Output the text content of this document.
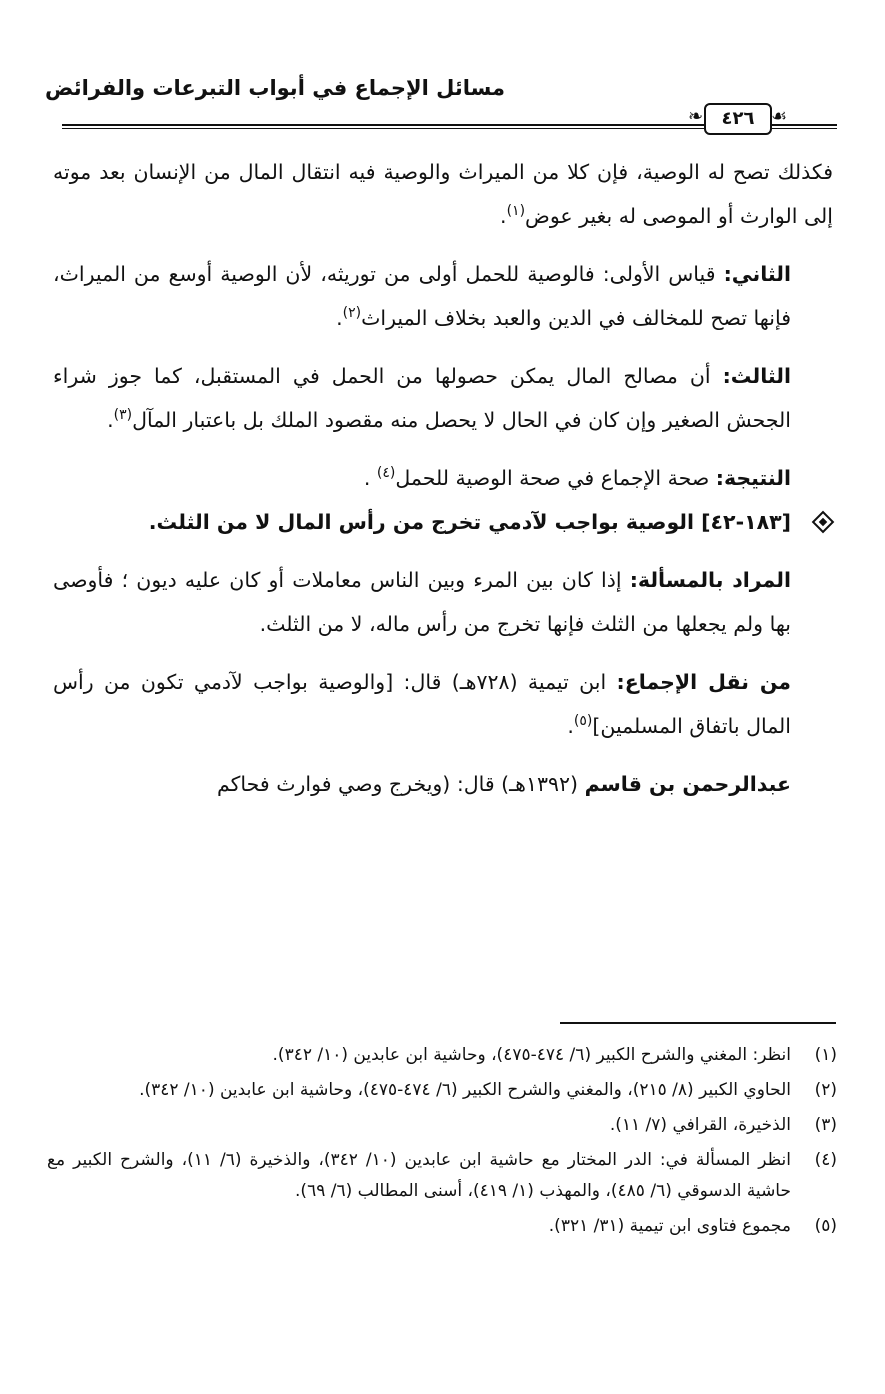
مسائل الإجماع في أبواب التبرعات والفرائض
❧	٤٢٦ ☙

فكذلك تصح له الوصية، فإن كلا من الميراث والوصية فيه انتقال المال من الإنسان بعد موته إلى الوارث أو الموصى له بغير عوض$^{(١)}$.

الثاني: قياس الأولى: فالوصية للحمل أولى من توريثه، لأن الوصية أوسع من الميراث، فإنها تصح للمخالف في الدين والعبد بخلاف الميراث$^{(٢)}$.

الثالث: أن مصالح المال يمكن حصولها من الحمل في المستقبل، كما جوز شراء الجحش الصغير وإن كان في الحال لا يحصل منه مقصود الملك بل باعتبار المآل$^{(٣)}$.

النتيجة: صحة الإجماع في صحة الوصية للحمل$^{(٤)}$ .

[١٨٣-٤٢] الوصية بواجب لآدمي تخرج من رأس المال لا من الثلث.

المراد بالمسألة: إذا كان بين المرء وبين الناس معاملات أو كان عليه ديون ؛ فأوصى بها ولم يجعلها من الثلث فإنها تخرج من رأس ماله، لا من الثلث.

من نقل الإجماع: ابن تيمية (٧٢٨هـ) قال: [والوصية بواجب لآدمي تكون من رأس المال باتفاق المسلمين]$^{(٥)}$.

عبدالرحمن بن قاسم (١٣٩٢هـ) قال: (ويخرج وصي فوارث فحاكم

(١)
انظر: المغني والشرح الكبير (٦/ ٤٧٤-٤٧٥)، وحاشية ابن عابدين (١٠/ ٣٤٢).
(٢)
الحاوي الكبير (٨/ ٢١٥)، والمغني والشرح الكبير (٦/ ٤٧٤-٤٧٥)، وحاشية ابن عابدين (١٠/ ٣٤٢).
(٣)
الذخيرة، القرافي (٧/ ١١).
(٤)
انظر المسألة في: الدر المختار مع حاشية ابن عابدين (١٠/ ٣٤٢)، والذخيرة (٦/ ١١)، والشرح الكبير مع حاشية الدسوقي (٦/ ٤٨٥)، والمهذب (١/ ٤١٩)، أسنى المطالب (٦/ ٦٩).
(٥)
مجموع فتاوى ابن تيمية (٣١/ ٣٢١).
